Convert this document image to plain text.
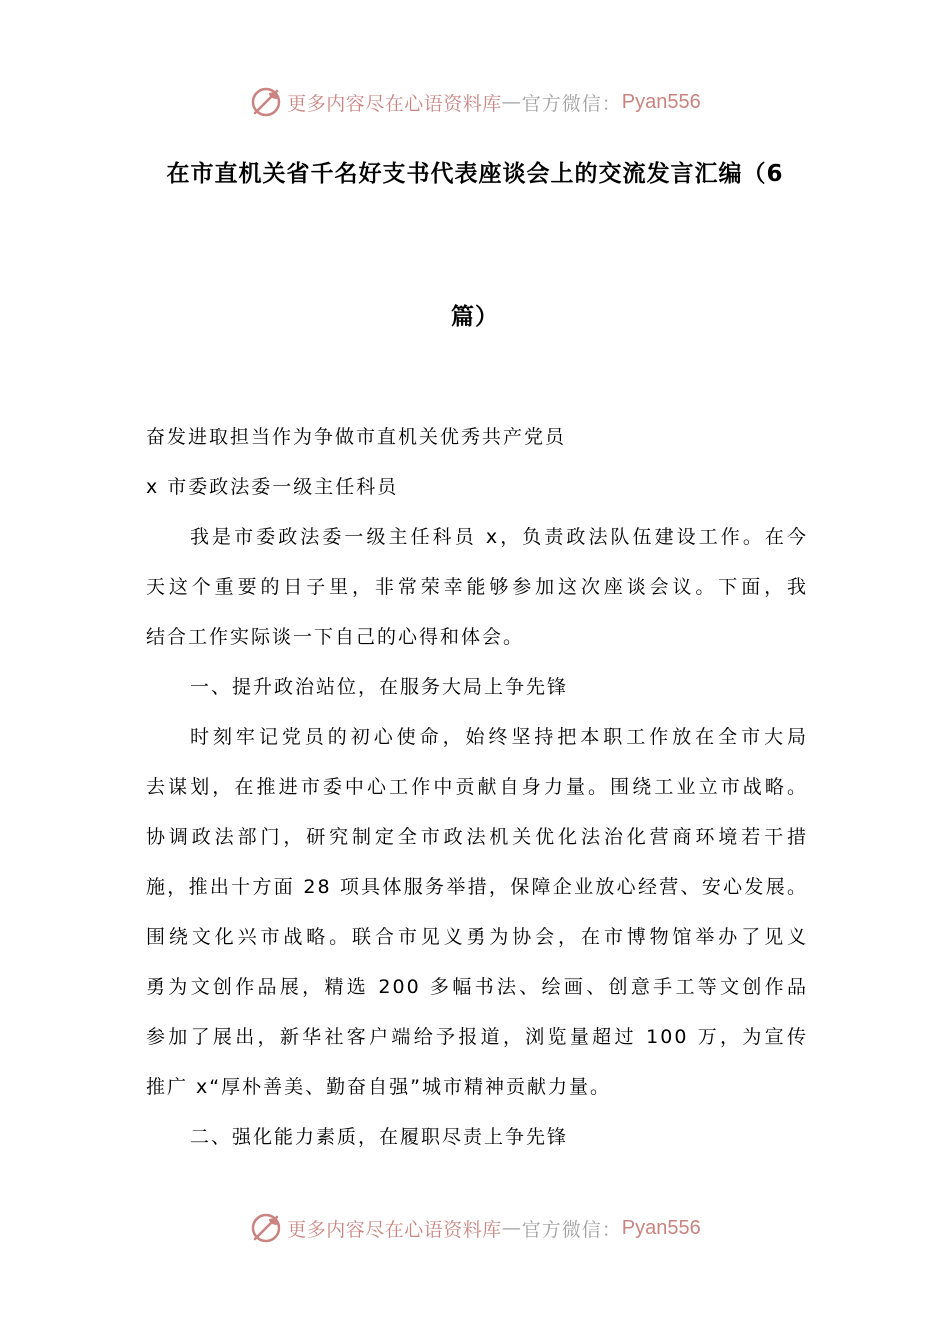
更多内容尽在心语资料库 — 官方微信： Pyan556
在市直机关省千名好支书代表座谈会上的交流发言汇编（6
篇）

奋发进取担当作为争做市直机关优秀共产党员

x 市委政法委一级主任科员

我是市委政法委一级主任科员 x，负责政法队伍建设工作。在今

天这个重要的日子里，非常荣幸能够参加这次座谈会议。下面，我

结合工作实际谈一下自己的心得和体会。

一、提升政治站位，在服务大局上争先锋

时刻牢记党员的初心使命，始终坚持把本职工作放在全市大局

去谋划，在推进市委中心工作中贡献自身力量。围绕工业立市战略。

协调政法部门，研究制定全市政法机关优化法治化营商环境若干措

施，推出十方面 28 项具体服务举措，保障企业放心经营、安心发展。

围绕文化兴市战略。联合市见义勇为协会，在市博物馆举办了见义

勇为文创作品展，精选 200 多幅书法、绘画、创意手工等文创作品

参加了展出，新华社客户端给予报道，浏览量超过 100 万，为宣传

推广 x“厚朴善美、勤奋自强”城市精神贡献力量。

二、强化能力素质，在履职尽责上争先锋

更多内容尽在心语资料库 — 官方微信： Pyan556
